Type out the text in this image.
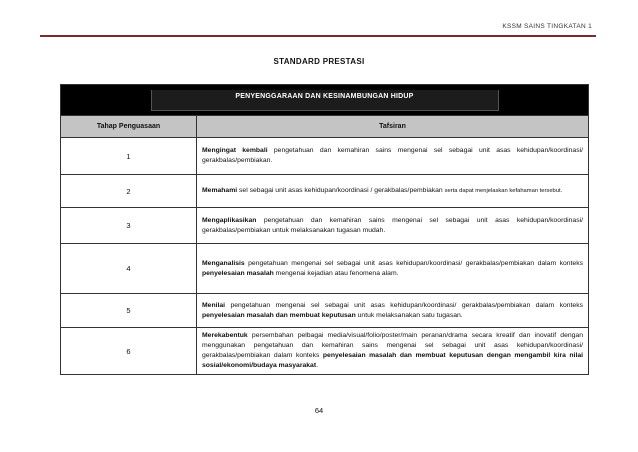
KSSM SAINS TINGKATAN 1
STANDARD PRESTASI
PENYENGGARAAN DAN KESINAMBUNGAN HIDUP	

Tahap Penguasaan	Tafsiran
1	Mengingat kembali pengetahuan dan kemahiran sains mengenai sel sebagai unit asas kehidupan/koordinasi/ gerakbalas/pembiakan.
2	Memahami sel sebagai unit asas kehidupan/koordinasi / gerakbalas/pembiakan serta dapat menjelaskan kefahaman tersebut.
3	Mengaplikasikan pengetahuan dan kemahiran sains mengenai sel sebagai unit asas kehidupan/koordinasi/ gerakbalas/pembiakan untuk melaksanakan tugasan mudah.
4	Menganalisis pengetahuan mengenai sel sebagai unit asas kehidupan/koordinasi/ gerakbalas/pembiakan dalam konteks penyelesaian masalah mengenai kejadian atau fenomena alam.
5	Menilai pengetahuan mengenai sel sebagai unit asas kehidupan/koordinasi/ gerakbalas/pembiakan dalam konteks penyelesaian masalah dan membuat keputusan untuk melaksanakan satu tugasan.
6	Merekabentuk persembahan pelbagai media/visual/folio/poster/main peranan/drama secara kreatif dan inovatif dengan menggunakan pengetahuan dan kemahiran sains mengenai sel sebagai unit asas kehidupan/koordinasi/ gerakbalas/pembiakan dalam konteks penyelesaian masalah dan membuat keputusan dengan mengambil kira nilai sosial/ekonomi/budaya masyarakat.
64
